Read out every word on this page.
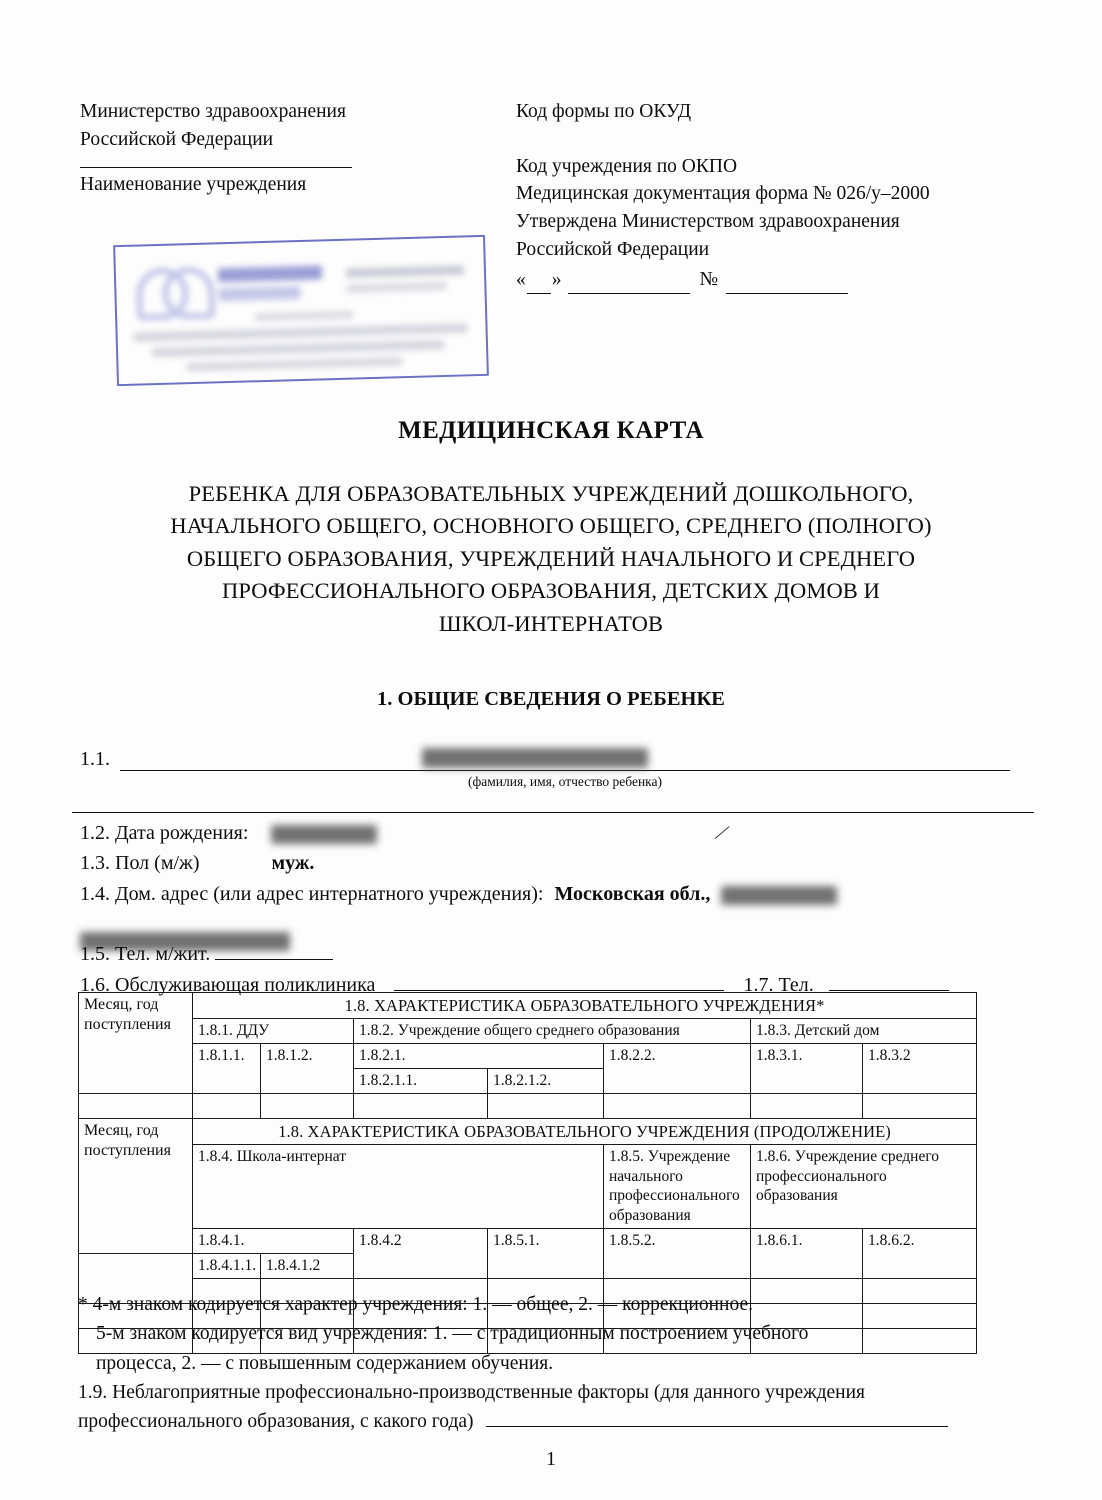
Министерство здравоохранения
Российской Федерации
Наименование учреждения
Код формы по ОКУД
Код учреждения по ОКПО
Медицинская документация форма № 026/у–2000
Утверждена Министерством здравоохранения
Российской Федерации
« »	№
МЕДИЦИНСКАЯ КАРТА
РЕБЕНКА ДЛЯ ОБРАЗОВАТЕЛЬНЫХ УЧРЕЖДЕНИЙ ДОШКОЛЬНОГО,
НАЧАЛЬНОГО ОБЩЕГО, ОСНОВНОГО ОБЩЕГО, СРЕДНЕГО (ПОЛНОГО)
ОБЩЕГО ОБРАЗОВАНИЯ, УЧРЕЖДЕНИЙ НАЧАЛЬНОГО И СРЕДНЕГО
ПРОФЕССИОНАЛЬНОГО ОБРАЗОВАНИЯ, ДЕТСКИХ ДОМОВ И
ШКОЛ-ИНТЕРНАТОВ
1. ОБЩИЕ СВЕДЕНИЯ О РЕБЕНКЕ
1.1.
(фамилия, имя, отчество ребенка)
1.2. Дата рождения:	⁄
1.3. Пол (м/ж)	муж.
1.4. Дом. адрес (или адрес интернатного учреждения): Московская обл.,
1.5. Тел. м/жит.
1.6. Обслуживающая поликлиника	1.7. Тел.
Месяц, год поступления	1.8. ХАРАКТЕРИСТИКА ОБРАЗОВАТЕЛЬНОГО УЧРЕЖДЕНИЯ*						
	1.8.1. ДДУ		1.8.2. Учреждение общего среднего образования			1.8.3. Детский дом	
	1.8.1.1.	1.8.1.2.	1.8.2.1.		1.8.2.2.	1.8.3.1.	1.8.3.2
			1.8.2.1.1.	1.8.2.1.2.			

Месяц, год поступления	1.8. ХАРАКТЕРИСТИКА ОБРАЗОВАТЕЛЬНОГО УЧРЕЖДЕНИЯ (ПРОДОЛЖЕНИЕ)						
	1.8.4. Школа-интернат				1.8.5. Учреждение начального профессионального образования	1.8.6. Учреждение среднего профессионального образования	
	1.8.4.1.		1.8.4.2	1.8.5.1.	1.8.5.2.	1.8.6.1.	1.8.6.2.
	1.8.4.1.1.	1.8.4.1.2					

* 4-м знаком кодируется характер учреждения: 1. — общее, 2. — коррекционное.
5-м знаком кодируется вид учреждения: 1. — с традиционным построением учебного
процесса, 2. — с повышенным содержанием обучения.
1.9. Неблагоприятные профессионально-производственные факторы (для данного учреждения
профессионального образования, с какого года)
1
